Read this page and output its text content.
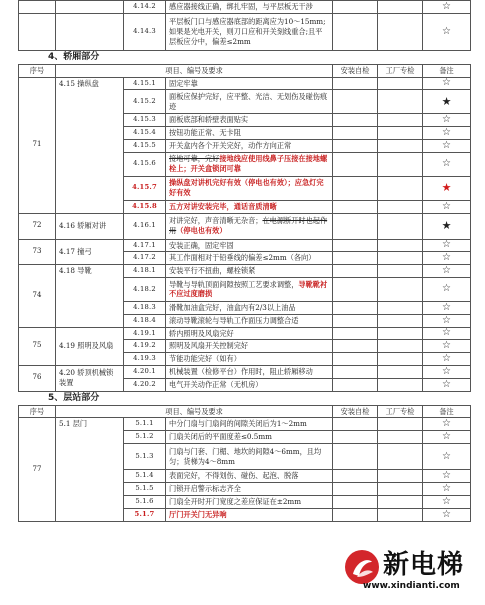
		4.14.2	感应器接线正确，绑扎牢固，与平层板无干涉			☆
		4.14.3	平层板门口与感应器底部的距离应为10～15mm;如果是光电开关，则刀口应和开关刻线重合;且平层板应分中，偏差≤2mm			☆
4、轿厢部分
序号	项目、编号及要求			安装自检	工厂专检	备注
71	4.15 操纵盘	4.15.1	固定牢靠			☆
		4.15.2	面板应保护完好，应平整、光洁、无划伤及碰伤痕迹			★
		4.15.3	面板底部和轿壁表面贴实			☆
		4.15.4	按钮功能正常、无卡阻			☆
		4.15.5	开关盒内各个开关完好，动作方向正常			☆
		4.15.6	接地可靠，完好接地线应使用线鼻子压接在接地螺栓上；开关盒锁闭可靠			☆
		4.15.7	操纵盘对讲机完好有效（停电也有效）；应急灯完好有效			★
		4.15.8	五方对讲安装完毕，通话音质清晰			☆
72	4.16 轿厢对讲	4.16.1	对讲完好，声音清晰无杂音；在电源断开时也起作用（停电也有效）			★
73	4.17 撞弓	4.17.1	安装正确，固定牢固			☆
		4.17.2	其工作面相对于铅垂线的偏差≤2mm（各向）			☆
74	4.18 导靴	4.18.1	安装平行不扭曲，螺栓锁紧			☆
		4.18.2	导靴与导轨顶面间隙按照工艺要求调整，导靴靴衬不应过度磨损			☆
		4.18.3	滑靴加油盒完好，油盒内有2/3以上油品			☆
		4.18.4	滚动导靴滚轮与导轨工作面压力调整合适			☆
75	4.19 照明及风扇	4.19.1	轿内照明及风扇完好			☆
		4.19.2	照明及风扇开关控制完好			☆
		4.19.3	节能功能完好（如有）			☆
76	4.20 轿顶机械锁装置	4.20.1	机械装置（检修平台）作用时，阻止轿厢移动			☆
		4.20.2	电气开关动作正常（无机房）			☆
5、层站部分
序号	项目、编号及要求			安装自检	工厂专检	备注
77	5.1 层门	5.1.1	中分门扇与门扇间的间隙关闭后为1～2mm			☆
		5.1.2	门扇关闭后的平面度差≤0.5mm			☆
		5.1.3	门扇与门套、门楣、地坎的间隙4～6mm，且均匀；货梯为4～8mm			☆
		5.1.4	表面完好，不得划伤、碰伤、起泡、脱落			☆
		5.1.5	门锁开启警示标志齐全			☆
		5.1.6	门扇全开时开门宽度之差应保证在±2mm			☆
		5.1.7	厅门开关门无异响			☆
新电梯
www.xindianti.com
